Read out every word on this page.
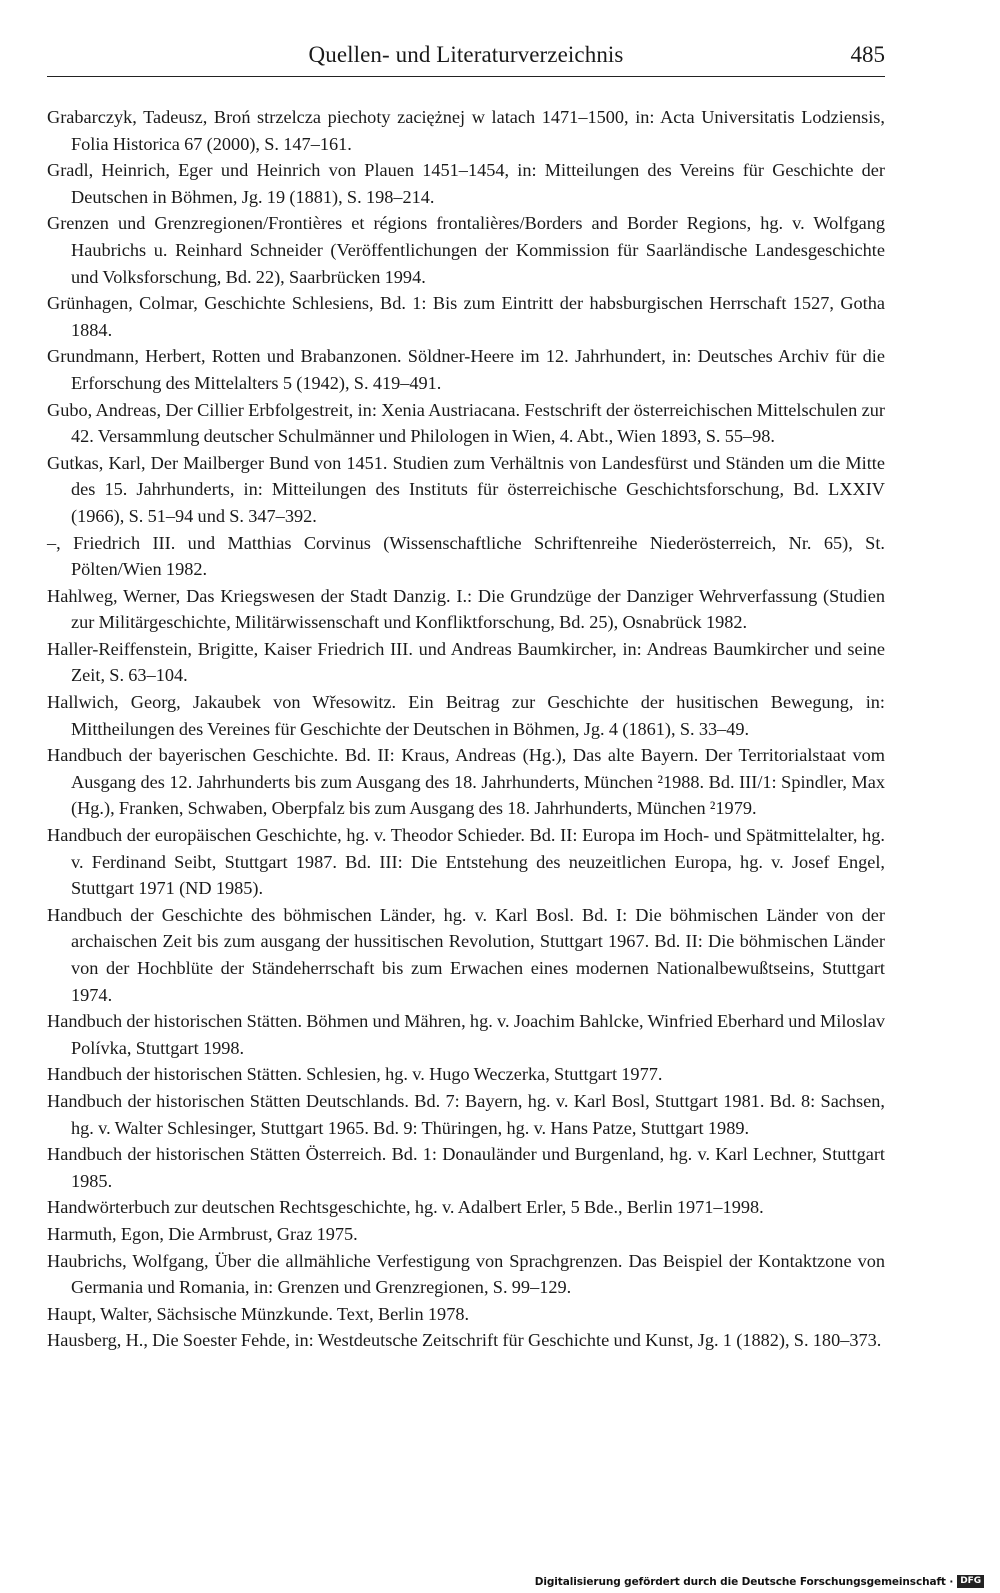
Quellen- und Literaturverzeichnis	485

Grabarczyk, Tadeusz, Broń strzelcza piechoty zaciężnej w latach 1471–1500, in: Acta Universitatis Lodziensis, Folia Historica 67 (2000), S. 147–161.

Gradl, Heinrich, Eger und Heinrich von Plauen 1451–1454, in: Mitteilungen des Vereins für Geschichte der Deutschen in Böhmen, Jg. 19 (1881), S. 198–214.

Grenzen und Grenzregionen/Frontières et régions frontalières/Borders and Border Regions, hg. v. Wolfgang Haubrichs u. Reinhard Schneider (Veröffentlichungen der Kommission für Saarländische Landesgeschichte und Volksforschung, Bd. 22), Saarbrücken 1994.

Grünhagen, Colmar, Geschichte Schlesiens, Bd. 1: Bis zum Eintritt der habsburgischen Herrschaft 1527, Gotha 1884.

Grundmann, Herbert, Rotten und Brabanzonen. Söldner-Heere im 12. Jahrhundert, in: Deutsches Archiv für die Erforschung des Mittelalters 5 (1942), S. 419–491.

Gubo, Andreas, Der Cillier Erbfolgestreit, in: Xenia Austriacana. Festschrift der österreichischen Mittelschulen zur 42. Versammlung deutscher Schulmänner und Philologen in Wien, 4. Abt., Wien 1893, S. 55–98.

Gutkas, Karl, Der Mailberger Bund von 1451. Studien zum Verhältnis von Landesfürst und Ständen um die Mitte des 15. Jahrhunderts, in: Mitteilungen des Instituts für österreichische Geschichtsforschung, Bd. LXXIV (1966), S. 51–94 und S. 347–392.

–, Friedrich III. und Matthias Corvinus (Wissenschaftliche Schriftenreihe Niederösterreich, Nr. 65), St. Pölten/Wien 1982.

Hahlweg, Werner, Das Kriegswesen der Stadt Danzig. I.: Die Grundzüge der Danziger Wehrverfassung (Studien zur Militärgeschichte, Militärwissenschaft und Konfliktforschung, Bd. 25), Osnabrück 1982.

Haller-Reiffenstein, Brigitte, Kaiser Friedrich III. und Andreas Baumkircher, in: Andreas Baumkircher und seine Zeit, S. 63–104.

Hallwich, Georg, Jakaubek von Wřesowitz. Ein Beitrag zur Geschichte der husitischen Bewegung, in: Mittheilungen des Vereines für Geschichte der Deutschen in Böhmen, Jg. 4 (1861), S. 33–49.

Handbuch der bayerischen Geschichte. Bd. II: Kraus, Andreas (Hg.), Das alte Bayern. Der Territorialstaat vom Ausgang des 12. Jahrhunderts bis zum Ausgang des 18. Jahrhunderts, München ²1988. Bd. III/1: Spindler, Max (Hg.), Franken, Schwaben, Oberpfalz bis zum Ausgang des 18. Jahrhunderts, München ²1979.

Handbuch der europäischen Geschichte, hg. v. Theodor Schieder. Bd. II: Europa im Hoch- und Spätmittelalter, hg. v. Ferdinand Seibt, Stuttgart 1987. Bd. III: Die Entstehung des neuzeitlichen Europa, hg. v. Josef Engel, Stuttgart 1971 (ND 1985).

Handbuch der Geschichte des böhmischen Länder, hg. v. Karl Bosl. Bd. I: Die böhmischen Länder von der archaischen Zeit bis zum ausgang der hussitischen Revolution, Stuttgart 1967. Bd. II: Die böhmischen Länder von der Hochblüte der Ständeherrschaft bis zum Erwachen eines modernen Nationalbewußtseins, Stuttgart 1974.

Handbuch der historischen Stätten. Böhmen und Mähren, hg. v. Joachim Bahlcke, Winfried Eberhard und Miloslav Polívka, Stuttgart 1998.

Handbuch der historischen Stätten. Schlesien, hg. v. Hugo Weczerka, Stuttgart 1977.

Handbuch der historischen Stätten Deutschlands. Bd. 7: Bayern, hg. v. Karl Bosl, Stuttgart 1981. Bd. 8: Sachsen, hg. v. Walter Schlesinger, Stuttgart 1965. Bd. 9: Thüringen, hg. v. Hans Patze, Stuttgart 1989.

Handbuch der historischen Stätten Österreich. Bd. 1: Donauländer und Burgenland, hg. v. Karl Lechner, Stuttgart 1985.

Handwörterbuch zur deutschen Rechtsgeschichte, hg. v. Adalbert Erler, 5 Bde., Berlin 1971–1998.

Harmuth, Egon, Die Armbrust, Graz 1975.

Haubrichs, Wolfgang, Über die allmähliche Verfestigung von Sprachgrenzen. Das Beispiel der Kontaktzone von Germania und Romania, in: Grenzen und Grenzregionen, S. 99–129.

Haupt, Walter, Sächsische Münzkunde. Text, Berlin 1978.

Hausberg, H., Die Soester Fehde, in: Westdeutsche Zeitschrift für Geschichte und Kunst, Jg. 1 (1882), S. 180–373.

Digitalisierung gefördert durch die Deutsche Forschungsgemeinschaft · DFG
